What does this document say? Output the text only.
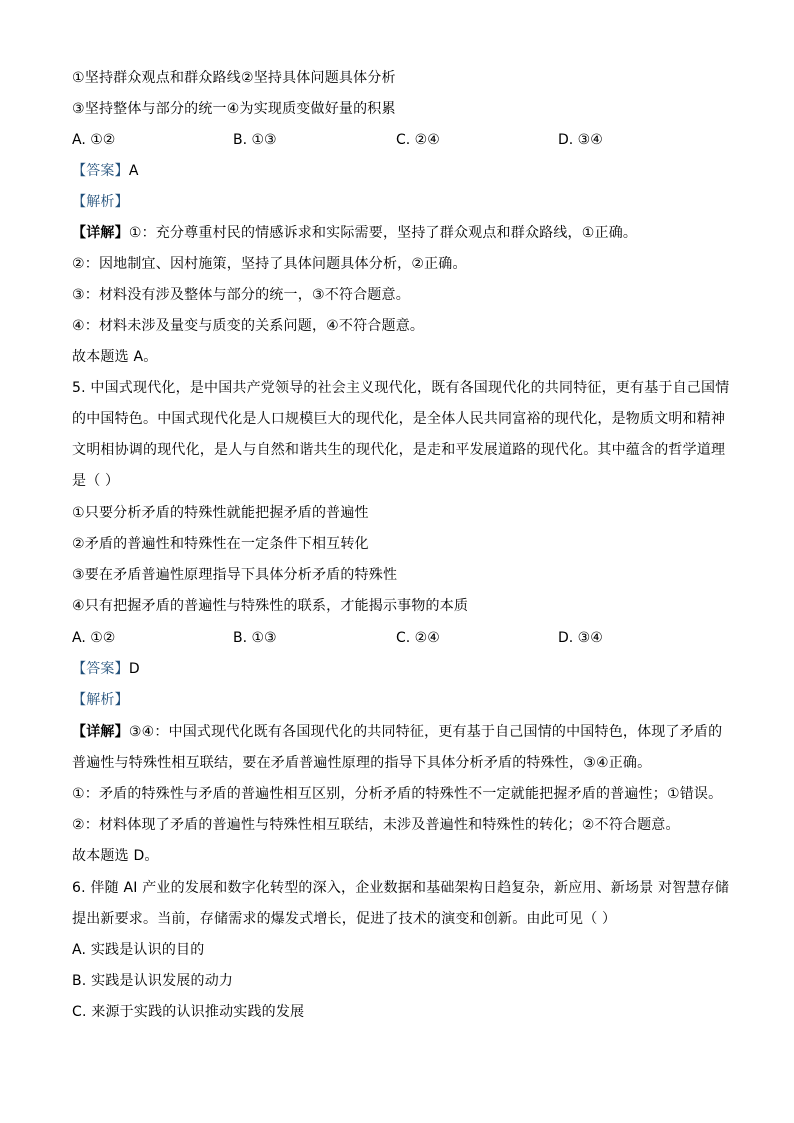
①坚持群众观点和群众路线②坚持具体问题具体分析
③坚持整体与部分的统一④为实现质变做好量的积累
A. ①②	B. ①③	C. ②④	D. ③④
【答案】A
【解析】
【详解】①：充分尊重村民的情感诉求和实际需要，坚持了群众观点和群众路线，①正确。
②：因地制宜、因村施策，坚持了具体问题具体分析，②正确。
③：材料没有涉及整体与部分的统一，③不符合题意。
④：材料未涉及量变与质变的关系问题，④不符合题意。
故本题选 A。
5. 中国式现代化，是中国共产党领导的社会主义现代化，既有各国现代化的共同特征，更有基于自己国情
的中国特色。中国式现代化是人口规模巨大的现代化，是全体人民共同富裕的现代化，是物质文明和精神
文明相协调的现代化，是人与自然和谐共生的现代化，是走和平发展道路的现代化。其中蕴含的哲学道理
是（ ）
①只要分析矛盾的特殊性就能把握矛盾的普遍性
②矛盾的普遍性和特殊性在一定条件下相互转化
③要在矛盾普遍性原理指导下具体分析矛盾的特殊性
④只有把握矛盾的普遍性与特殊性的联系，才能揭示事物的本质
A. ①②	B. ①③	C. ②④	D. ③④
【答案】D
【解析】
【详解】③④：中国式现代化既有各国现代化的共同特征，更有基于自己国情的中国特色，体现了矛盾的
普遍性与特殊性相互联结，要在矛盾普遍性原理的指导下具体分析矛盾的特殊性，③④正确。
①：矛盾的特殊性与矛盾的普遍性相互区别，分析矛盾的特殊性不一定就能把握矛盾的普遍性；①错误。
②：材料体现了矛盾的普遍性与特殊性相互联结，未涉及普遍性和特殊性的转化；②不符合题意。
故本题选 D。
6. 伴随 AI 产业的发展和数字化转型的深入，企业数据和基础架构日趋复杂，新应用、新场景 对智慧存储
提出新要求。当前，存储需求的爆发式增长，促进了技术的演变和创新。由此可见（ ）
A. 实践是认识的目的
B. 实践是认识发展的动力
C. 来源于实践的认识推动实践的发展
